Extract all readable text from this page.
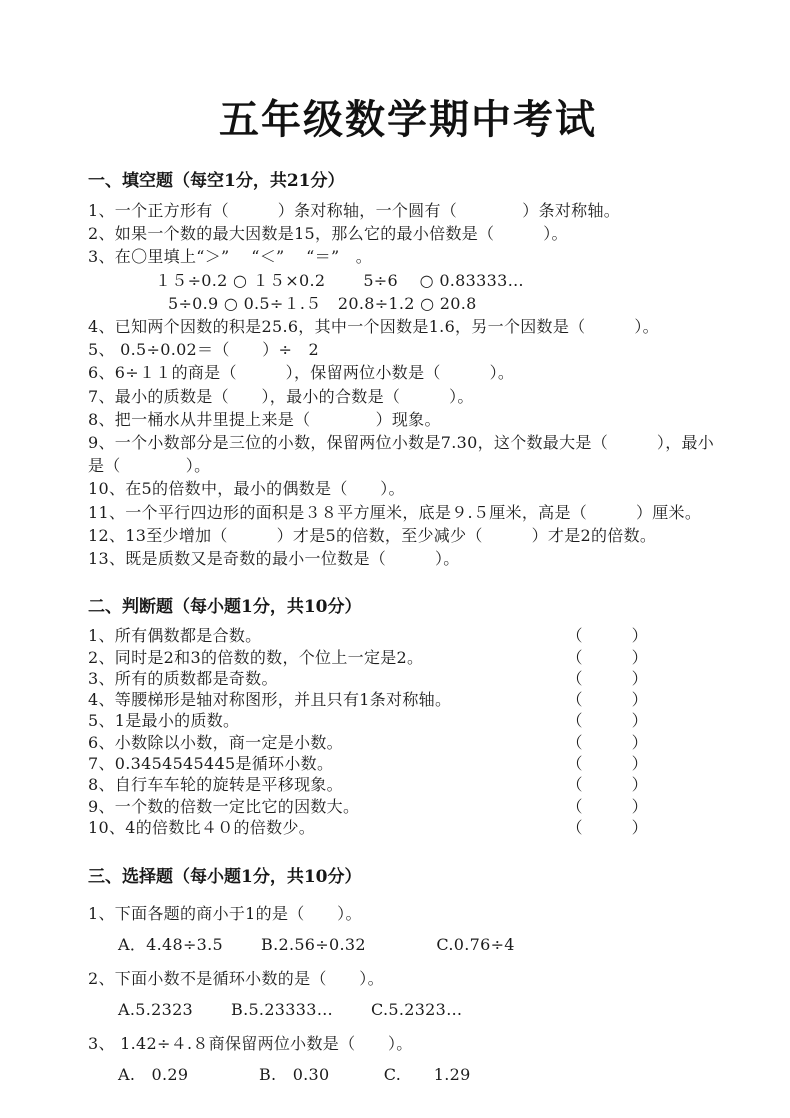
五年级数学期中考试
一、填空题（每空1分，共21分）
1、一个正方形有（　　　）条对称轴，一个圆有（　　　　）条对称轴。
2、如果一个数的最大因数是15，那么它的最小倍数是（　　　）。
3、在〇里填上“＞”　 “＜”　 “＝”　。
１５÷0.2 ○ １５×0.2　　 5÷6　 ○ 0.83333…
5÷0.9 ○ 0.5÷１.５　20.8÷1.2 ○ 20.8
4、已知两个因数的积是25.6，其中一个因数是1.6，另一个因数是（　　　）。
5、 0.5÷0.02＝（　　）÷　2
6、6÷１１的商是（　　　），保留两位小数是（　　　）。
7、最小的质数是（　　），最小的合数是（　　　）。
8、把一桶水从井里提上来是（　　　　）现象。
9、一个小数部分是三位的小数，保留两位小数是7.30，这个数最大是（　　　），最小是（　　　　）。
10、在5的倍数中，最小的偶数是（　　）。
11、一个平行四边形的面积是３８平方厘米，底是９.５厘米，高是（　　　）厘米。
12、13至少增加（　　　）才是5的倍数，至少减少（　　　）才是2的倍数。
13、既是质数又是奇数的最小一位数是（　　　）。
二、判断题（每小题1分，共10分）
1、所有偶数都是合数。	（　　　）
2、同时是2和3的倍数的数，个位上一定是2。	（　　　）
3、所有的质数都是奇数。	（　　　）
4、等腰梯形是轴对称图形，并且只有1条对称轴。	（　　　）
5、1是最小的质数。	（　　　）
6、小数除以小数，商一定是小数。	（　　　）
7、0.3454545445是循环小数。	（　　　）
8、自行车车轮的旋转是平移现象。	（　　　）
9、一个数的倍数一定比它的因数大。	（　　　）
10、4的倍数比４０的倍数少。	（　　　）
三、选择题（每小题1分，共10分）
1、下面各题的商小于1的是（　　）。
A．4.48÷3.5　　 B.2.56÷0.32　　　　 C.0.76÷4
2、下面小数不是循环小数的是（　　）。
A.5.2323　　 B.5.23333…　　 C.5.2323…
3、 1.42÷４.８商保留两位小数是（　　）。
A.　0.29　　　　 B.　0.30　　　 C.　　1.29
